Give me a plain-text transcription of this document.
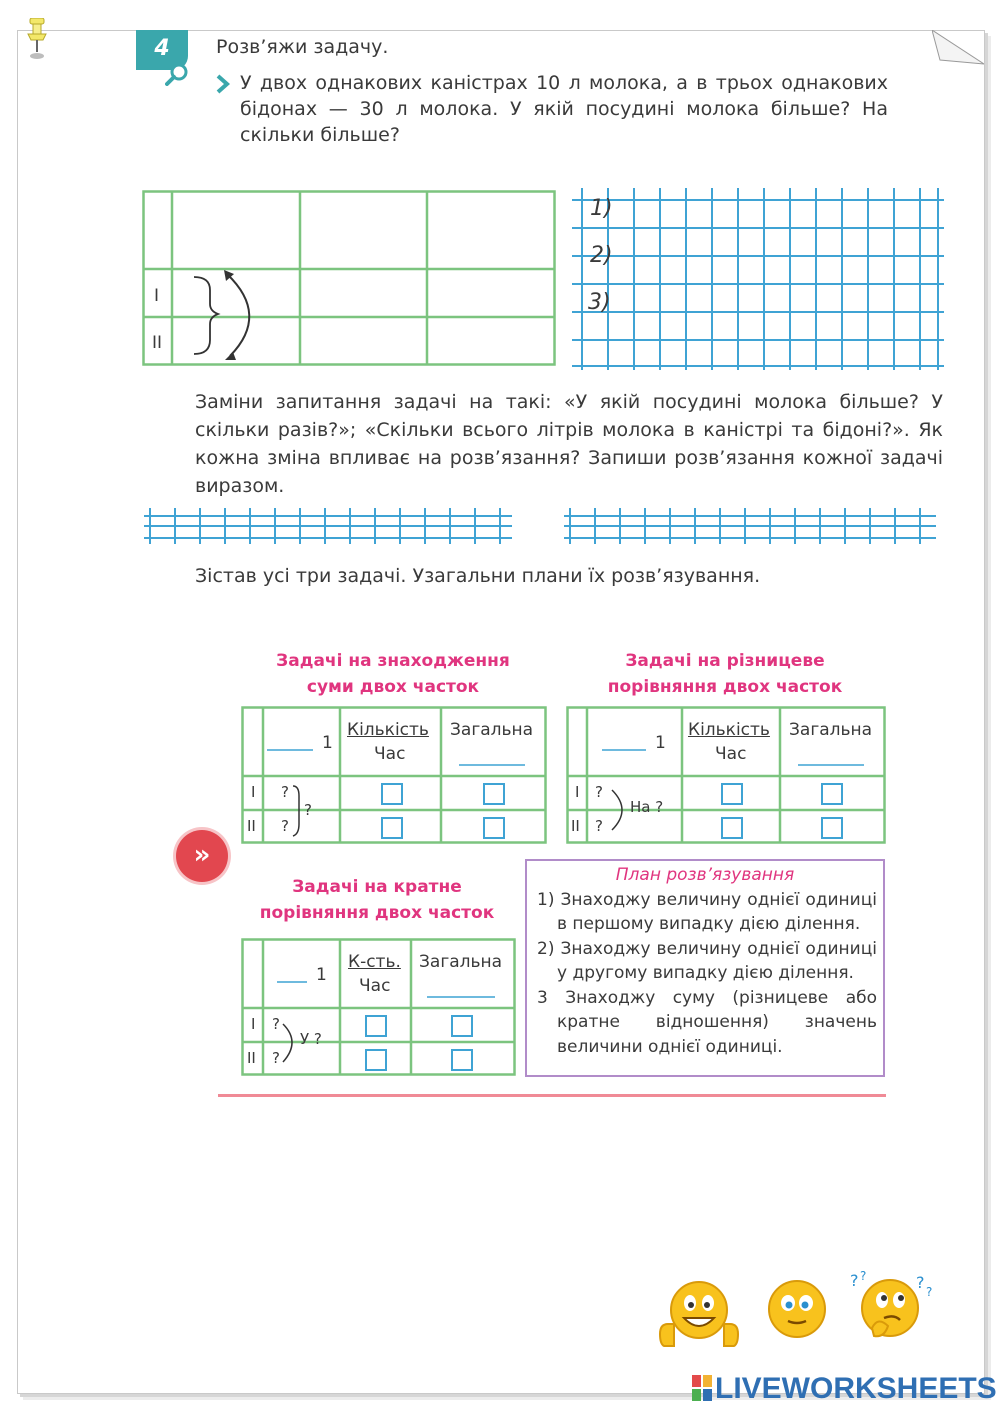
4	Розв’яжи задачу.
У двох однакових каністрах 10 л молока, а в трьох однакових бідонах — 30 л молока. У якій посудині молока більше? На скільки більше?
I
II
1)
2)
3)
Заміни запитання задачі на такі: «У якій посудині молока більше? У скільки разів?»; «Скільки всього літрів молока в каністрі та бідоні?». Як кожна зміна впливає на розв’язання? Запиши розв’язання кожної задачі виразом.
Зістав усі три задачі. Узагальни плани їх розв’язування.
Задачі на знаходження
суми двох часток
1
Кількість
Час
Загальна
I
II
?
?
?
Задачі на різницеве
порівняння двох часток
1
Кількість
Час
Загальна
I
II
?
?
На ?
»
Задачі на кратне
порівняння двох часток
1
К-сть.
Час
Загальна
I
II
?
?
У ?
План розв’язування
1) Знаходжу величину однієї одиниці в першому випадку дією ділення.
2) Знаходжу величину однієї одиниці у другому випадку дією ділення.
3 Знаходжу суму (різницеве або кратне відношення) значень величини однієї одиниці.
? ?	? ?
LIVEWORKSHEETS
